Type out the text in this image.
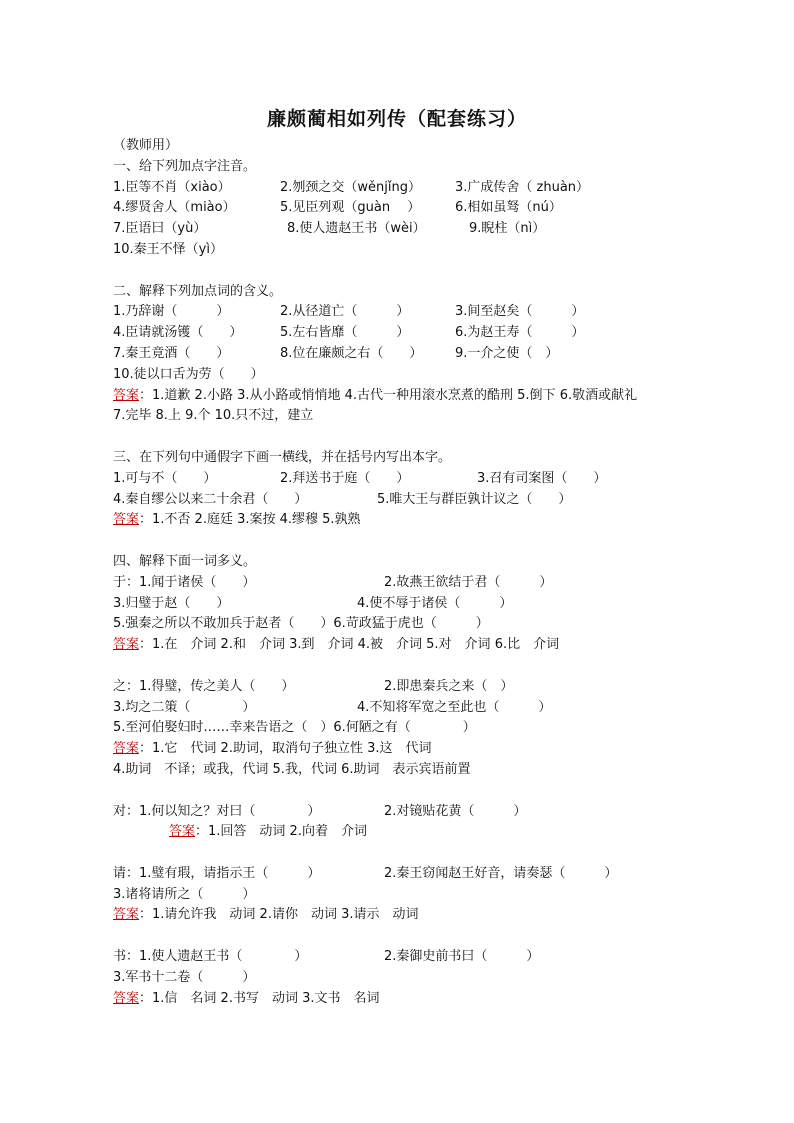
廉颇蔺相如列传（配套练习）
（教师用）
一、给下列加点字注音。
1.臣等不肖（xiào）	2.刎颈之交（wěnjǐng）	3.广成传舍（ zhuàn）
4.缪贤舍人（miào）	5.见臣列观（guàn　 ）	6.相如虽驽（nú）
7.臣语曰（yù）	8.使人遗赵王书（wèi）	9.睨柱（nì）
10.秦王不怿（yì）
二、解释下列加点词的含义。
1.乃辞谢（　　　）	2.从径道亡（　　　）	3.间至赵矣（　　　）
4.臣请就汤镬（　　）	5.左右皆靡（　　　）	6.为赵王寿（　　　）
7.秦王竟酒（　　）	8.位在廉颇之右（　　）	9.一介之使（　）
10.徒以口舌为劳（　　）
答案：1.道歉 2.小路 3.从小路或悄悄地 4.古代一种用滚水烹煮的酷刑 5.倒下 6.敬酒或献礼
7.完毕 8.上 9.个 10.只不过，建立
三、在下列句中通假字下画一横线，并在括号内写出本字。
1.可与不（　　）	2.拜送书于庭（　　）	3.召有司案图（　　）
4.秦自缪公以来二十余君（　　）	5.唯大王与群臣孰计议之（　　）
答案：1.不否 2.庭廷 3.案按 4.缪穆 5.孰熟
四、解释下面一词多义。
于：1.闻于诸侯（　　）	2.故燕王欲结于君（　　　）
3.归璧于赵（　　）	4.使不辱于诸侯（　　　）
5.强秦之所以不敢加兵于赵者（　　）6.苛政猛于虎也（　　　）
答案：1.在　介词 2.和　介词 3.到　介词 4.被　介词 5.对　介词 6.比　介词
之：1.得璧，传之美人（　　）	2.即患秦兵之来（　）
3.均之二策（　　　　）	4.不知将军宽之至此也（　　　）
5.至河伯娶妇时……幸来告语之（　）6.何陋之有（　　　　）
答案：1.它　代词 2.助词，取消句子独立性 3.这　代词
4.助词　不译；或我，代词 5.我，代词 6.助词　表示宾语前置
对：1.何以知之？对曰（　　　　）	2.对镜贴花黄（　　　）
答案：1.回答　动词 2.向着　介词
请：1.璧有瑕，请指示王（　　　）	2.秦王窃闻赵王好音，请奏瑟（　　　）
3.诸将请所之（　　　）
答案：1.请允许我　动词 2.请你　动词 3.请示　动词
书：1.使人遗赵王书（　　　　）	2.秦御史前书曰（　　　）
3.军书十二卷（　　　）
答案：1.信　名词 2.书写　动词 3.文书　名词
